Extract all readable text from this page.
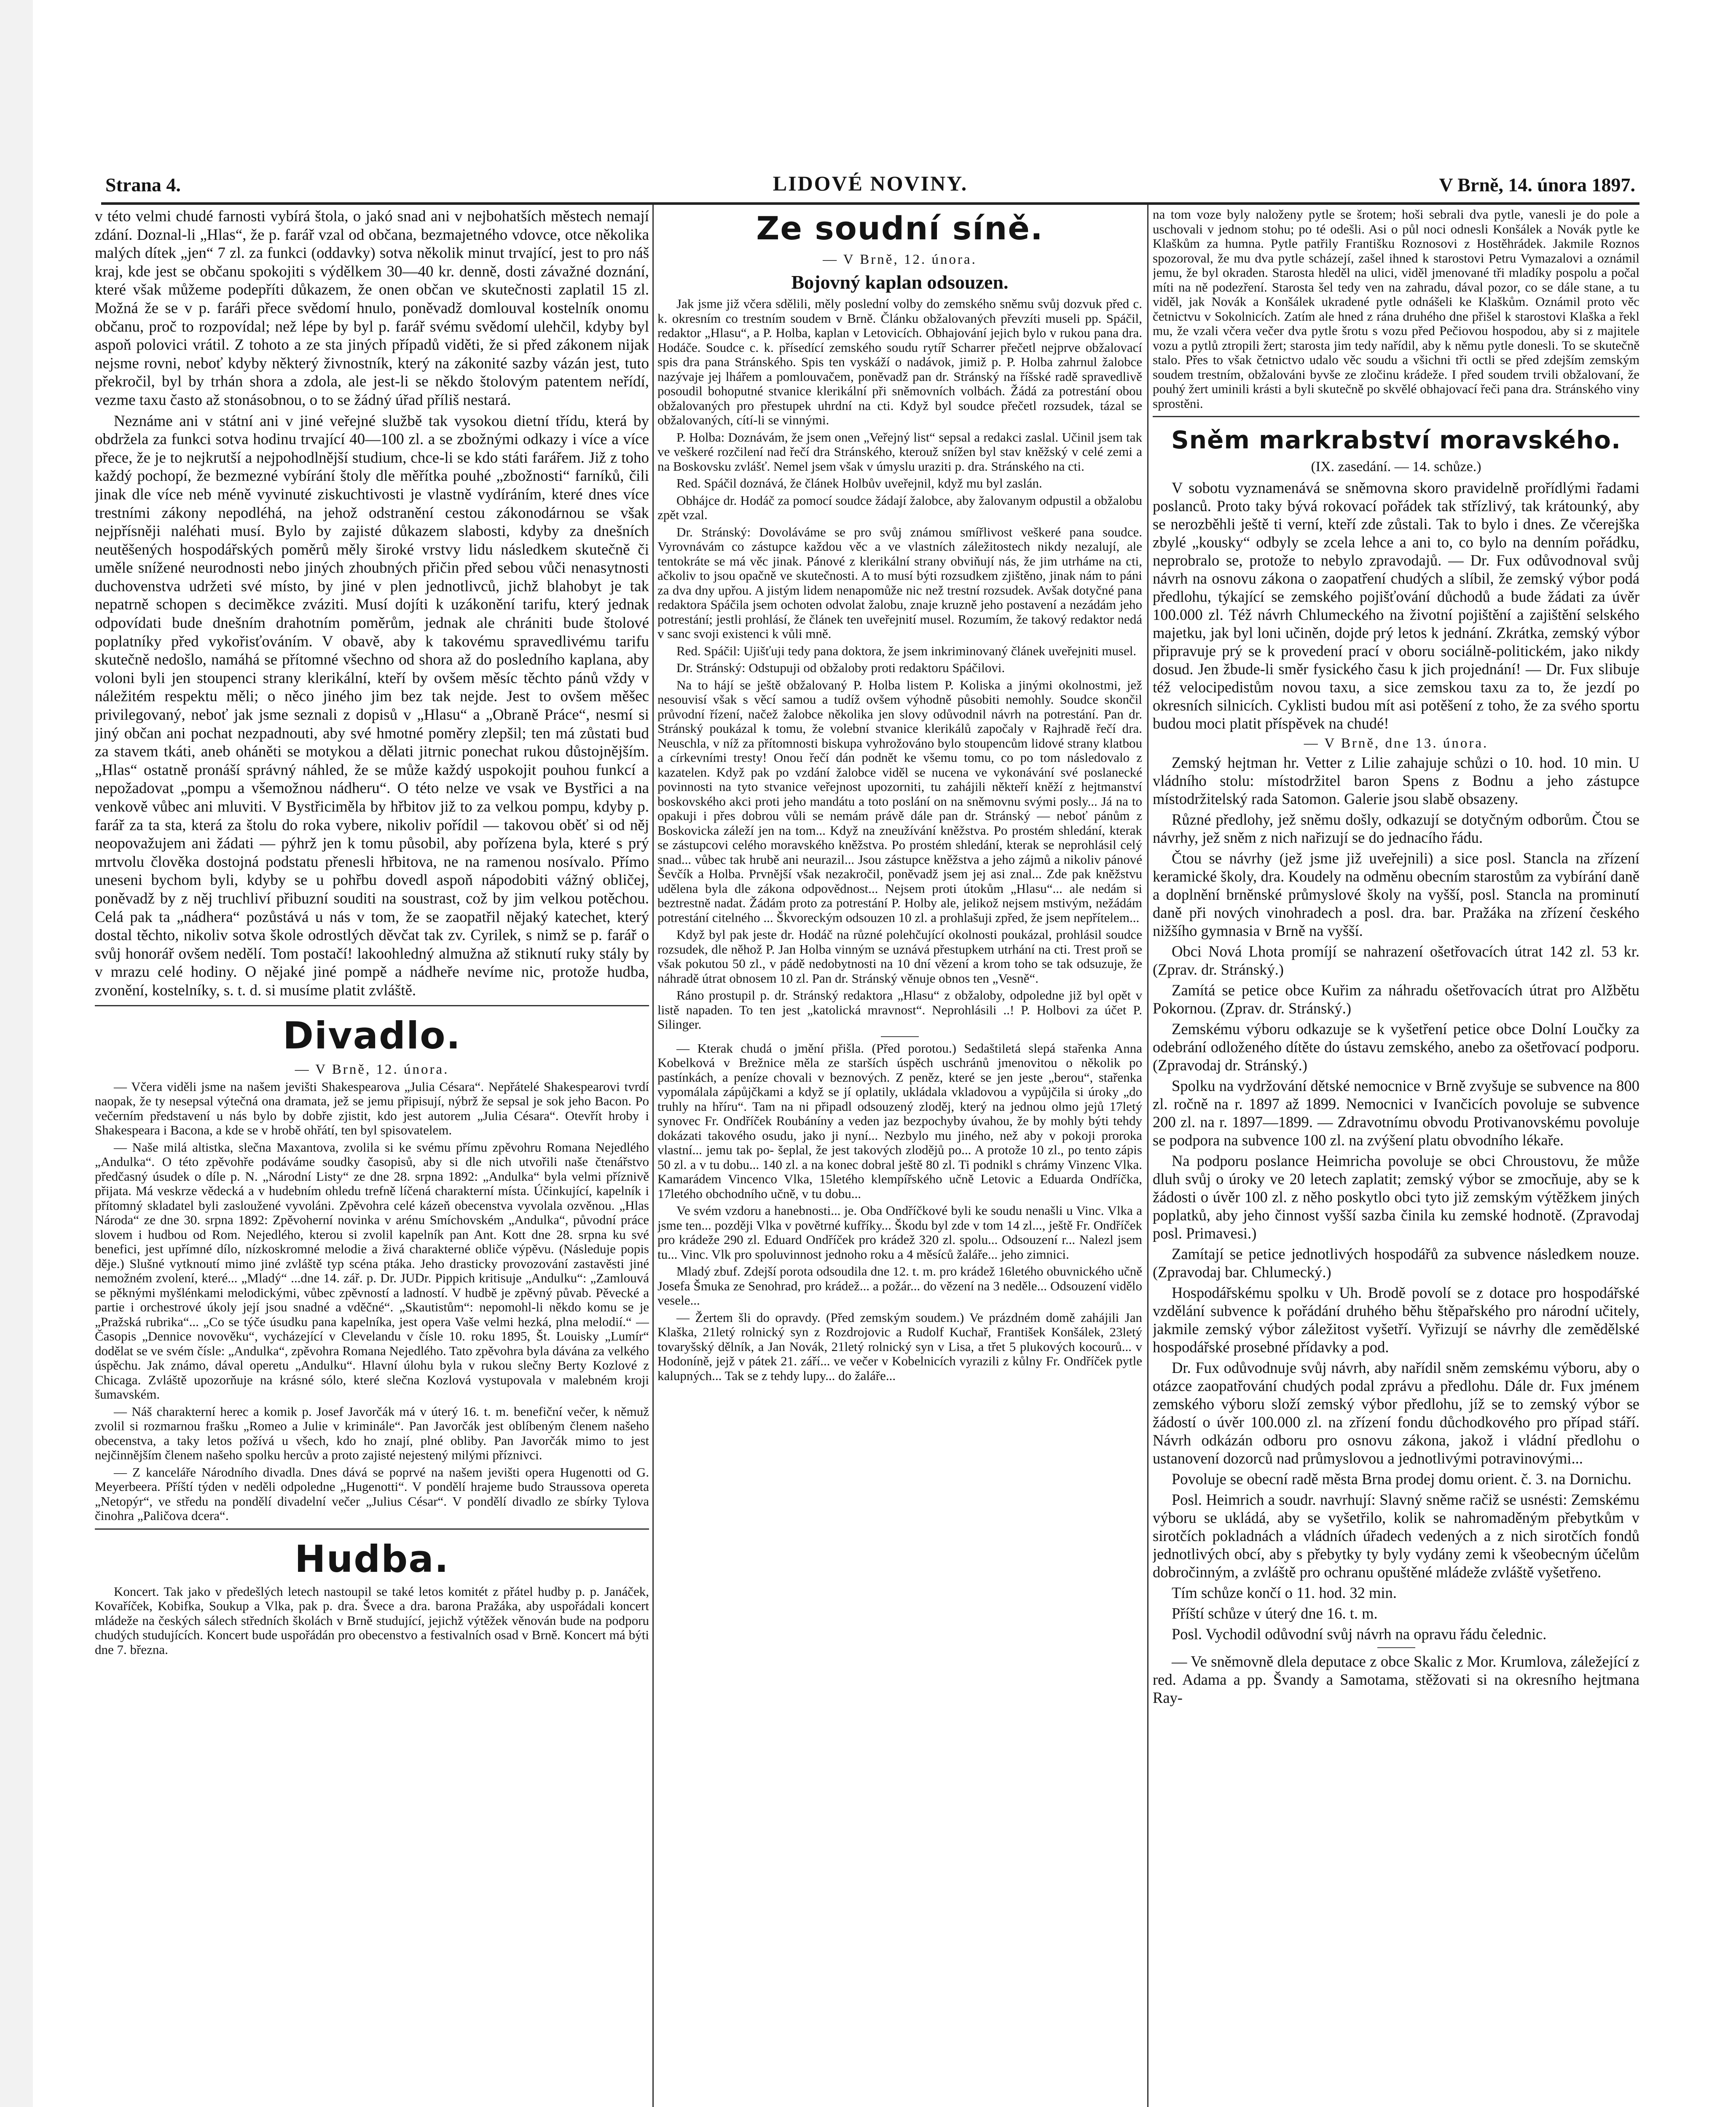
Strana 4.	LIDOVÉ NOVINY.	V Brně, 14. února 1897.

v této velmi chudé farnosti vybírá štola, o jakó snad ani v nejbohatších městech nemají zdání. Doznal-li „Hlas“, že p. farář vzal od občana, bezmajetného vdovce, otce několika malých dítek „jen“ 7 zl. za funkci (oddavky) sotva několik minut trvající, jest to pro náš kraj, kde jest se občanu spokojiti s výdělkem 30—40 kr. denně, dosti závažné doznání, které však můžeme podepříti důkazem, že onen občan ve skutečnosti zaplatil 15 zl. Možná že se v p. faráři přece svědomí hnulo, poněvadž domlouval kostelník onomu občanu, proč to rozpovídal; než lépe by byl p. farář svému svědomí ulehčil, kdyby byl aspoň polovici vrátil. Z tohoto a ze sta jiných případů viděti, že si před zákonem nijak nejsme rovni, neboť kdyby některý živnostník, který na zákonité sazby vázán jest, tuto překročil, byl by trhán shora a zdola, ale jest-li se někdo štolovým patentem neřídí, vezme taxu často až stonásobnou, o to se žádný úřad příliš nestará.

Neznáme ani v státní ani v jiné veřejné službě tak vysokou dietní třídu, která by obdržela za funkci sotva hodinu trvající 40—100 zl. a se zbožnými odkazy i více a více přece, že je to nejkrutší a nejpohodlnější studium, chce-li se kdo státi farářem. Již z toho každý pochopí, že bezmezné vybírání štoly dle měřítka pouhé „zbožnosti“ farníků, čili jinak dle více neb méně vyvinuté ziskuchtivosti je vlastně vydíráním, které dnes více trestními zákony nepodléhá, na jehož odstranění cestou zákonodárnou se však nejpřísněji naléhati musí. Bylo by zajisté důkazem slabosti, kdyby za dnešních neutěšených hospodářských poměrů měly široké vrstvy lidu následkem skutečně či uměle snížené neurodnosti nebo jiných zhoubných přičin před sebou vůči nenasytnosti duchovenstva udržeti své místo, by jiné v plen jednotlivců, jichž blahobyt je tak nepatrně schopen s deciměkce zváziti. Musí dojíti k uzákonění tarifu, který jednak odpovídati bude dnešním drahotním poměrům, jednak ale chrániti bude štolové poplatníky před vykořisťováním. V obavě, aby k takovému spravedlivému tarifu skutečně nedošlo, namáhá se přítomné všechno od shora až do posledního kaplana, aby voloni byli jen stoupenci strany klerikální, kteří by ovšem měsíc těchto pánů vždy v náležitém respektu měli; o něco jiného jim bez tak nejde. Jest to ovšem měšec privilegovaný, neboť jak jsme seznali z dopisů v „Hlasu“ a „Obraně Práce“, nesmí si jiný občan ani pochat nezpadnouti, aby své hmotné poměry zlepšil; ten má zůstati bud za stavem tkáti, aneb oháněti se motykou a dělati jitrnic ponechat rukou důstojnějším. „Hlas“ ostatně pronáší správný náhled, že se může každý uspokojit pouhou funkcí a nepožadovat „pompu a všemožnou nádheru“. O této nelze ve vsak ve Bystřici a na venkově vůbec ani mluviti. V Bystřiciměla by hřbitov již to za velkou pompu, kdyby p. farář za ta sta, která za štolu do roka vybere, nikoliv pořídil — takovou oběť si od něj neopovažujem ani žádati — pýhrž jen k tomu působil, aby pořízena byla, které s prý mrtvolu člověka dostojná podstatu přenesli hřbitova, ne na ramenou nosívalo. Přímo uneseni bychom byli, kdyby se u pohřbu dovedl aspoň nápodobiti vážný obličej, poněvadž by z něj truchliví přibuzní souditi na soustrast, což by jim velkou potěchou. Celá pak ta „nádhera“ pozůstává u nás v tom, že se zaopatřil nějaký katechet, který dostal těchto, nikoliv sotva škole odrostlých děvčat tak zv. Cyrilek, s nimž se p. farář o svůj honorář ovšem nedělí. Tom postačí! lakoohledný almužna až stiknutí ruky stály by v mrazu celé hodiny. O nějaké jiné pompě a nádheře nevíme nic, protože hudba, zvonění, kostelníky, s. t. d. si musíme platit zvláště.

Divadlo.
— V Brně, 12. února.

— Včera viděli jsme na našem jevišti Shakespearova „Julia Césara“. Nepřátelé Shakespearovi tvrdí naopak, že ty nesepsal výtečná ona dramata, jež se jemu připisují, nýbrž že sepsal je sok jeho Bacon. Po večerním představení u nás bylo by dobře zjistit, kdo jest autorem „Julia Césara“. Otevřít hroby i Shakespeara i Bacona, a kde se v hrobě ohřátí, ten byl spisovatelem.

— Naše milá altistka, slečna Maxantova, zvolila si ke svému přímu zpěvohru Romana Nejedlého „Andulka“. O této zpěvohře podáváme soudky časopisů, aby si dle nich utvořili naše čtenářstvo předčasný úsudek o díle p. N. „Národní Listy“ ze dne 28. srpna 1892: „Andulka“ byla velmi příznivě přijata. Má veskrze vědecká a v hudebním ohledu trefně líčená charakterní místa. Účinkující, kapelník i přítomný skladatel byli zasloužené vyvoláni. Zpěvohra celé kázeň obecenstva vyvolala ozvěnou. „Hlas Národa“ ze dne 30. srpna 1892: Zpěvoherní novinka v arénu Smíchovském „Andulka“, původní práce slovem i hudbou od Rom. Nejedlého, kterou si zvolil kapelník pan Ant. Kott dne 28. srpna ku své benefici, jest upřímné dílo, nízkoskromné melodie a živá charakterné obliče výpěvu. (Následuje popis děje.) Slušné vytknoutí mimo jiné zvláště typ scéna ptáka. Jeho drasticky provozování zastavěsti jiné nemožném zvolení, které... „Mladý“ ...dne 14. zář. p. Dr. JUDr. Pippich kritisuje „Andulku“: „Zamlouvá se pěknými myšlénkami melodickými, vůbec zpěvností a ladností. V hudbě je zpěvný půvab. Pěvecké a partie i orchestrové úkoly její jsou snadné a vděčné“. „Skautistům“: nepomohl-li někdo komu se je „Pražská rubrika“... „Co se týče úsudku pana kapelníka, jest opera Vaše velmi hezká, plna melodií.“ — Časopis „Dennice novověku“, vycházející v Clevelandu v čísle 10. roku 1895, Št. Louisky „Lumír“ dodělat se ve svém čísle: „Andulka“, zpěvohra Romana Nejedlého. Tato zpěvohra byla dávána za velkého úspěchu. Jak známo, dával operetu „Andulku“. Hlavní úlohu byla v rukou slečny Berty Kozlové z Chicaga. Zvláště upozorňuje na krásné sólo, které slečna Kozlová vystupovala v malebném kroji šumavském.

— Náš charakterní herec a komik p. Josef Javorčák má v úterý 16. t. m. benefiční večer, k němuž zvolil si rozmarnou frašku „Romeo a Julie v kriminále“. Pan Javorčák jest oblíbeným členem našeho obecenstva, a taky letos požívá u všech, kdo ho znají, plné obliby. Pan Javorčák mimo to jest nejčinnějším členem našeho spolku hercův a proto zajisté nejestený milými příznivci.

— Z kanceláře Národního divadla. Dnes dává se poprvé na našem jevišti opera Hugenotti od G. Meyerbeera. Příští týden v neděli odpoledne „Hugenotti“. V pondělí hrajeme budo Straussova opereta „Netopýr“, ve středu na pondělí divadelní večer „Julius César“. V pondělí divadlo ze sbírky Tylova činohra „Paličova dcera“.

Hudba.

Koncert. Tak jako v předešlých letech nastoupil se také letos komitét z přátel hudby p. p. Janáček, Kovaříček, Kobifka, Soukup a Vlka, pak p. dra. Švece a dra. barona Pražáka, aby uspořádali koncert mládeže na českých sálech středních školách v Brně studující, jejichž výtěžek věnován bude na podporu chudých studujících. Koncert bude uspořádán pro obecenstvo a festivalních osad v Brně. Koncert má býti dne 7. března.

Ze soudní síně.
— V Brně, 12. února.
Bojovný kaplan odsouzen.

Jak jsme již včera sdělili, měly poslední volby do zemského sněmu svůj dozvuk před c. k. okresním co trestním soudem v Brně. Článku obžalovaných převzíti museli pp. Spáčil, redaktor „Hlasu“, a P. Holba, kaplan v Letovicích. Obhajování jejich bylo v rukou pana dra. Hodáče. Soudce c. k. přísedící zemského soudu rytíř Scharrer přečetl nejprve obžalovací spis dra pana Stránského. Spis ten vyskáží o nadávok, jimiž p. P. Holba zahrnul žalobce nazývaje jej lhářem a pomlouvačem, poněvadž pan dr. Stránský na říšské radě spravedlivě posoudil bohoputné stvanice klerikální při sněmovních volbách. Žádá za potrestání obou obžalovaných pro přestupek uhrdní na cti. Když byl soudce přečetl rozsudek, tázal se obžalovaných, cítí-li se vinnými.

P. Holba: Doznávám, že jsem onen „Veřejný list“ sepsal a redakci zaslal. Učinil jsem tak ve veškeré rozčilení nad řečí dra Stránského, kterouž snížen byl stav kněžský v celé zemi a na Boskovsku zvlášť. Nemel jsem však v úmyslu uraziti p. dra. Stránského na cti.

Red. Spáčil doznává, že článek Holbův uveřejnil, když mu byl zaslán.

Obhájce dr. Hodáč za pomocí soudce žádají žalobce, aby žalovanym odpustil a obžalobu zpět vzal.

Dr. Stránský: Dovoláváme se pro svůj známou smířlivost veškeré pana soudce. Vyrovnávám co zástupce každou věc a ve vlastních záležitostech nikdy nezalují, ale tentokráte se má věc jinak. Pánové z klerikální strany obviňují nás, že jim utrháme na cti, ačkoliv to jsou opačně ve skutečnosti. A to musí býti rozsudkem zjištěno, jinak nám to páni za dva dny upřou. A jistým lidem nenapomůže nic než trestní rozsudek. Avšak dotyčné pana redaktora Spáčila jsem ochoten odvolat žalobu, znaje kruzně jeho postavení a nezádám jeho potrestání; jestli prohlásí, že článek ten uveřejnití musel. Rozumím, že takový redaktor nedá v sanc svoji existenci k vůli mně.

Red. Spáčil: Ujišťuji tedy pana doktora, že jsem inkriminovaný článek uveřejniti musel.

Dr. Stránský: Odstupuji od obžaloby proti redaktoru Spáčilovi.

Na to hájí se ještě obžalovaný P. Holba listem P. Koliska a jinými okolnostmi, jež nesouvisí však s věcí samou a tudíž ovšem výhodně působiti nemohly. Soudce skončil průvodní řízení, načež žalobce několika jen slovy odůvodnil návrh na potrestání. Pan dr. Stránský poukázal k tomu, že volební stvanice klerikálů započaly v Rajhradě řečí dra. Neuschla, v níž za přítomnosti biskupa vyhrožováno bylo stoupencům lidové strany klatbou a církevními tresty! Onou řečí dán podnět ke všemu tomu, co po tom následovalo z kazatelen. Když pak po vzdání žalobce viděl se nucena ve vykonávání své poslanecké povinnosti na tyto stvanice veřejnost upozorniti, tu zahájili někteří kněží z hejtmanství boskovského akci proti jeho mandátu a toto poslání on na sněmovnu svými posly... Já na to opakuji i přes dobrou vůli se nemám právě dále pan dr. Stránský — neboť pánům z Boskovicka záleží jen na tom... Když na zneužívání kněžstva. Po prostém shledání, kterak se zástupcovi celého moravského kněžstva. Po prostém shledání, kterak se neprohlásil celý snad... vůbec tak hrubě ani neurazil... Jsou zástupce kněžstva a jeho zájmů a nikoliv pánové Ševčík a Holba. Prvnější však nezakročil, poněvadž jsem jej asi znal... Zde pak kněžstvu udělena byla dle zákona odpovědnost... Nejsem proti útokům „Hlasu“... ale nedám si beztrestně nadat. Žádám proto za potrestání P. Holby ale, jelikož nejsem mstivým, nežádám potrestání citelného ... Škvoreckým odsouzen 10 zl. a prohlašuji zpřed, že jsem nepřítelem...

Když byl pak jeste dr. Hodáč na různé polehčující okolnosti poukázal, prohlásil soudce rozsudek, dle něhož P. Jan Holba vinným se uznává přestupkem utrhání na cti. Trest proň se však pokutou 50 zl., v pádě nedobytnosti na 10 dní vězení a krom toho se tak odsuzuje, že náhradě útrat obnosem 10 zl. Pan dr. Stránský věnuje obnos ten „Vesně“.

Ráno prostupil p. dr. Stránský redaktora „Hlasu“ z obžaloby, odpoledne již byl opět v listě napaden. To ten jest „katolická mravnost“. Neprohlásili ..! P. Holbovi za účet P. Silinger.

— Kterak chudá o jmění přišla. (Před porotou.) Sedaštiletá slepá stařenka Anna Kobelková v Brežnice měla ze starších úspěch uschránů jmenovitou o několik po pastínkách, a peníze chovali v beznových. Z peněz, které se jen jeste „berou“, stařenka vypomálala zápůjčkami a když se jí oplatily, ukládala vkladovou a vypůjčila si úroky „do truhly na hříru“. Tam na ni připadl odsouzený zloděj, který na jednou olmo jejů 17letý synovec Fr. Ondříček Roubáníny a veden jaz bezpochyby úvahou, že by mohly býti tehdy dokázati takového osudu, jako ji nyní... Nezbylo mu jiného, než aby v pokoji proroka vlastní... jemu tak po- šeplal, že jest takových zlodějů po... A protože 10 zl., po tento zápis 50 zl. a v tu dobu... 140 zl. a na konec dobral ještě 80 zl. Ti podnikl s chrámy Vinzenc Vlka. Kamarádem Vincenco Vlka, 15letého klempířského učně Letovic a Eduarda Ondříčka, 17letého obchodního učně, v tu dobu...

Ve svém vzdoru a hanebnosti... je. Oba Ondříčkové byli ke soudu nenašli u Vinc. Vlka a jsme ten... později Vlka v povětrné kufříky... Škodu byl zde v tom 14 zl..., ještě Fr. Ondříček pro krádeže 290 zl. Eduard Ondříček pro krádež 320 zl. spolu... Odsouzení r... Nalezl jsem tu... Vinc. Vlk pro spoluvinnost jednoho roku a 4 měsíců žaláře... jeho zimnici.

Mladý zbuf. Zdejší porota odsoudila dne 12. t. m. pro krádež 16letého obuvnického učně Josefa Šmuka ze Senohrad, pro krádež... a požár... do vězení na 3 neděle... Odsouzení vidělo vesele...

— Žertem šli do opravdy. (Před zemským soudem.) Ve prázdném domě zahájili Jan Klaška, 21letý rolnický syn z Rozdrojovic a Rudolf Kuchař, František Konšálek, 23letý tovaryšský dělník, a Jan Novák, 21letý rolnický syn v Lisa, a třet 5 plukových kocourů... v Hodoníně, jejž v pátek 21. září... ve večer v Kobelnicích vyrazili z kůlny Fr. Ondříček pytle kalupných... Tak se z tehdy lupy... do žaláře...

na tom voze byly naloženy pytle se šrotem; hoši sebrali dva pytle, vanesli je do pole a uschovali v jednom stohu; po té odešli. Asi o půl noci odnesli Konšálek a Novák pytle ke Klaškům za humna. Pytle patřily Františku Roznosovi z Hostěhrádek. Jakmile Roznos spozoroval, že mu dva pytle scházejí, zašel ihned k starostovi Petru Vymazalovi a oznámil jemu, že byl okraden. Starosta hleděl na ulici, viděl jmenované tři mladíky pospolu a počal míti na ně podezření. Starosta šel tedy ven na zahradu, dával pozor, co se dále stane, a tu viděl, jak Novák a Konšálek ukradené pytle odnášeli ke Klaškům. Oznámil proto věc četnictvu v Sokolnicích. Zatím ale hned z rána druhého dne přišel k starostovi Klaška a řekl mu, že vzali včera večer dva pytle šrotu s vozu před Pečiovou hospodou, aby si z majitele vozu a pytlů ztropili žert; starosta jim tedy nařídil, aby k němu pytle donesli. To se skutečně stalo. Přes to však četnictvo udalo věc soudu a všichni tři octli se před zdejším zemským soudem trestním, obžalováni byvše ze zločinu krádeže. I před soudem trvili obžalovaní, že pouhý žert uminili krásti a byli skutečně po skvělé obhajovací řeči pana dra. Stránského viny sprostěni.

Sněm markrabství moravského.
(IX. zasedání. — 14. schůze.)

V sobotu vyznamenává se sněmovna skoro pravidelně prořídlými řadami poslanců. Proto taky bývá rokovací pořádek tak střízlivý, tak krátounký, aby se nerozběhli ještě ti verní, kteří zde zůstali. Tak to bylo i dnes. Ze včerejška zbylé „kousky“ odbyly se zcela lehce a ani to, co bylo na denním pořádku, neprobralo se, protože to nebylo zpravodajů. — Dr. Fux odůvodnoval svůj návrh na osnovu zákona o zaopatření chudých a slíbil, že zemský výbor podá předlohu, týkající se zemského pojišťování důchodů a bude žádati za úvěr 100.000 zl. Též návrh Chlumeckého na životní pojištění a zajištění selského majetku, jak byl loni učiněn, dojde prý letos k jednání. Zkrátka, zemský výbor připravuje prý se k provedení prací v oboru sociálně-politickém, jako nikdy dosud. Jen žbude-li směr fysického času k jich projednání! — Dr. Fux slibuje též velocipedistům novou taxu, a sice zemskou taxu za to, že jezdí po okresních silnicích. Cyklisti budou mít asi potěšení z toho, že za svého sportu budou moci platit příspěvek na chudé!

— V Brně, dne 13. února.

Zemský hejtman hr. Vetter z Lilie zahajuje schůzi o 10. hod. 10 min. U vládního stolu: místodržitel baron Spens z Bodnu a jeho zástupce místodržitelský rada Satomon. Galerie jsou slabě obsazeny.

Různé předlohy, jež sněmu došly, odkazují se dotyčným odborům. Čtou se návrhy, jež sněm z nich nařizují se do jednacího řádu.

Čtou se návrhy (jež jsme již uveřejnili) a sice posl. Stancla na zřízení keramické školy, dra. Koudely na odměnu obecním starostům za vybírání daně a doplnění brněnské průmyslové školy na vyšší, posl. Stancla na prominutí daně při nových vinohradech a posl. dra. bar. Pražáka na zřízení českého nižšího gymnasia v Brně na vyšší.

Obci Nová Lhota promíjí se nahrazení ošetřovacích útrat 142 zl. 53 kr. (Zprav. dr. Stránský.)

Zamítá se petice obce Kuřim za náhradu ošetřovacích útrat pro Alžbětu Pokornou. (Zprav. dr. Stránský.)

Zemskému výboru odkazuje se k vyšetření petice obce Dolní Loučky za odebrání odloženého dítěte do ústavu zemského, anebo za ošetřovací podporu. (Zpravodaj dr. Stránský.)

Spolku na vydržování dětské nemocnice v Brně zvyšuje se subvence na 800 zl. ročně na r. 1897 až 1899. Nemocnici v Ivančicích povoluje se subvence 200 zl. na r. 1897—1899. — Zdravotnímu obvodu Protivanovskému povoluje se podpora na subvence 100 zl. na zvýšení platu obvodního lékaře.

Na podporu poslance Heimricha povoluje se obci Chroustovu, že může dluh svůj o úroky ve 20 letech zaplatit; zemský výbor se zmocňuje, aby se k žádosti o úvěr 100 zl. z něho poskytlo obci tyto již zemským výtěžkem jiných poplatků, aby jeho činnost vyšší sazba činila ku zemské hodnotě. (Zpravodaj posl. Primavesi.)

Zamítají se petice jednotlivých hospodářů za subvence následkem nouze. (Zpravodaj bar. Chlumecký.)

Hospodářskému spolku v Uh. Brodě povolí se z dotace pro hospodářské vzdělání subvence k pořádání druhého běhu štěpařského pro národní učitely, jakmile zemský výbor záležitost vyšetří. Vyřizují se návrhy dle zemědělské hospodářské prosebné přídavky a pod.

Dr. Fux odůvodnuje svůj návrh, aby nařídil sněm zemskému výboru, aby o otázce zaopatřování chudých podal zprávu a předlohu. Dále dr. Fux jménem zemského výboru složí zemský výbor předlohu, jíž se to zemský výbor se žádostí o úvěr 100.000 zl. na zřízení fondu důchodkového pro případ stáří. Návrh odkázán odboru pro osnovu zákona, jakož i vládní předlohu o ustanovení dozorců nad průmyslovou a jednotlivými potravinovými...

Povoluje se obecní radě města Brna prodej domu orient. č. 3. na Dornichu.

Posl. Heimrich a soudr. navrhují: Slavný sněme račiž se usnésti: Zemskému výboru se ukládá, aby se vyšetřilo, kolik se nahromaděným přebytkům v sirotčích pokladnách a vládních úřadech vedených a z nich sirotčích fondů jednotlivých obcí, aby s přebytky ty byly vydány zemi k všeobecným účelům dobročinným, a zvláště pro ochranu opuštěné mládeže zvláště vyšetřeno.

Tím schůze končí o 11. hod. 32 min.

Příští schůze v úterý dne 16. t. m.

Posl. Vychodil odůvodní svůj návrh na opravu řádu čelednic.

— Ve sněmovně dlela deputace z obce Skalic z Mor. Krumlova, záležející z red. Adama a pp. Švandy a Samotama, stěžovati si na okresního hejtmana Ray-
